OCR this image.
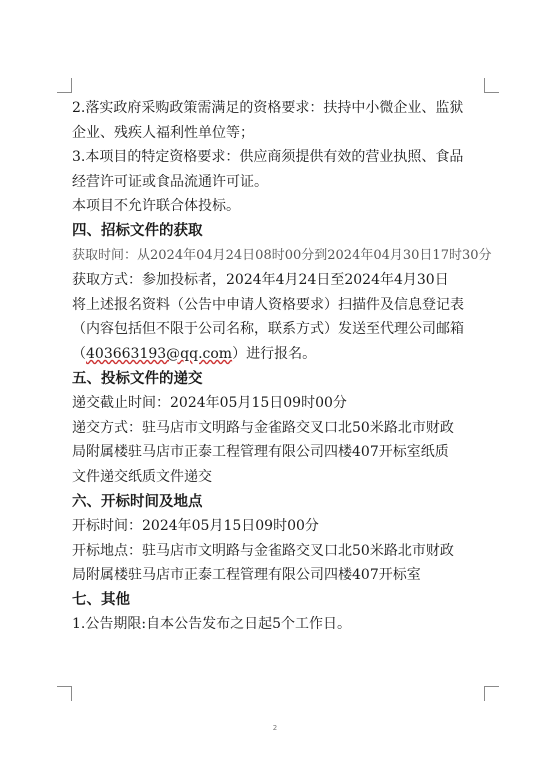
2.落实政府采购政策需满足的资格要求：扶持中小微企业、监狱
企业、残疾人福利性单位等；
3.本项目的特定资格要求：供应商须提供有效的营业执照、食品
经营许可证或食品流通许可证。
本项目不允许联合体投标。
四、招标文件的获取
获取时间：从2024年04月24日08时00分到2024年04月30日17时30分
获取方式：参加投标者，2024年4月24日至2024年4月30日
将上述报名资料（公告中申请人资格要求）扫描件及信息登记表
（内容包括但不限于公司名称，联系方式）发送至代理公司邮箱
（403663193@qq.com）进行报名。
五、投标文件的递交
递交截止时间：2024年05月15日09时00分
递交方式：驻马店市文明路与金雀路交叉口北50米路北市财政
局附属楼驻马店市正泰工程管理有限公司四楼407开标室纸质
文件递交纸质文件递交
六、开标时间及地点
开标时间：2024年05月15日09时00分
开标地点：驻马店市文明路与金雀路交叉口北50米路北市财政
局附属楼驻马店市正泰工程管理有限公司四楼407开标室
七、其他
1.公告期限:自本公告发布之日起5个工作日。
2
